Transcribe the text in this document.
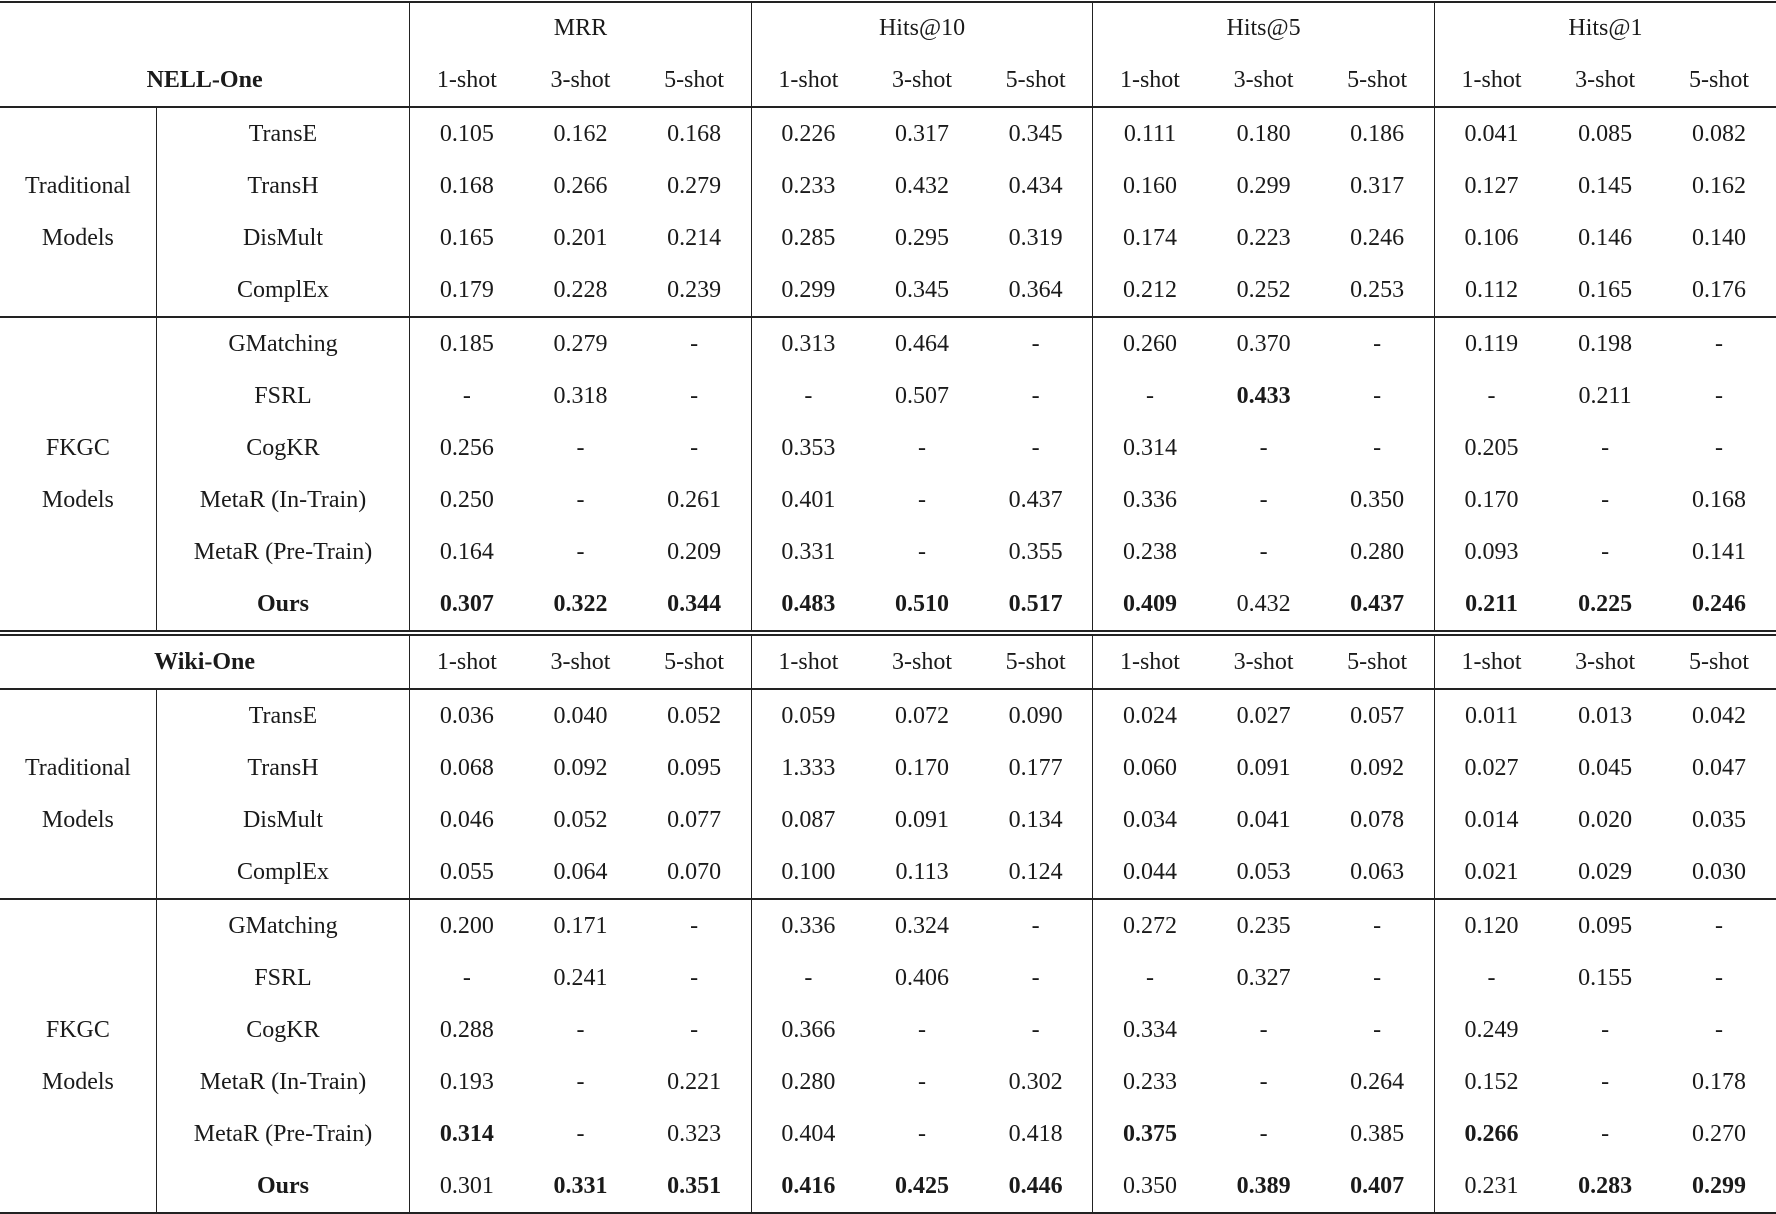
		MRR			Hits@10			Hits@5			Hits@1		
NELL-One		1-shot	3-shot	5-shot	1-shot	3-shot	5-shot	1-shot	3-shot	5-shot	1-shot	3-shot	5-shot

Traditional
Models	TransE	0.105	0.162	0.168	0.226	0.317	0.345	0.111	0.180	0.186	0.041	0.085	0.082
	TransH	0.168	0.266	0.279	0.233	0.432	0.434	0.160	0.299	0.317	0.127	0.145	0.162
	DisMult	0.165	0.201	0.214	0.285	0.295	0.319	0.174	0.223	0.246	0.106	0.146	0.140
	ComplEx	0.179	0.228	0.239	0.299	0.345	0.364	0.212	0.252	0.253	0.112	0.165	0.176

FKGC
Models	GMatching	0.185	0.279	-	0.313	0.464	-	0.260	0.370	-	0.119	0.198	-
	FSRL	-	0.318	-	-	0.507	-	-	0.433	-	-	0.211	-
	CogKR	0.256	-	-	0.353	-	-	0.314	-	-	0.205	-	-
	MetaR (In-Train)	0.250	-	0.261	0.401	-	0.437	0.336	-	0.350	0.170	-	0.168
	MetaR (Pre-Train)	0.164	-	0.209	0.331	-	0.355	0.238	-	0.280	0.093	-	0.141
	Ours	0.307	0.322	0.344	0.483	0.510	0.517	0.409	0.432	0.437	0.211	0.225	0.246
Wiki-One		1-shot	3-shot	5-shot	1-shot	3-shot	5-shot	1-shot	3-shot	5-shot	1-shot	3-shot	5-shot

Traditional
Models	TransE	0.036	0.040	0.052	0.059	0.072	0.090	0.024	0.027	0.057	0.011	0.013	0.042
	TransH	0.068	0.092	0.095	1.333	0.170	0.177	0.060	0.091	0.092	0.027	0.045	0.047
	DisMult	0.046	0.052	0.077	0.087	0.091	0.134	0.034	0.041	0.078	0.014	0.020	0.035
	ComplEx	0.055	0.064	0.070	0.100	0.113	0.124	0.044	0.053	0.063	0.021	0.029	0.030

FKGC
Models	GMatching	0.200	0.171	-	0.336	0.324	-	0.272	0.235	-	0.120	0.095	-
	FSRL	-	0.241	-	-	0.406	-	-	0.327	-	-	0.155	-
	CogKR	0.288	-	-	0.366	-	-	0.334	-	-	0.249	-	-
	MetaR (In-Train)	0.193	-	0.221	0.280	-	0.302	0.233	-	0.264	0.152	-	0.178
	MetaR (Pre-Train)	0.314	-	0.323	0.404	-	0.418	0.375	-	0.385	0.266	-	0.270
	Ours	0.301	0.331	0.351	0.416	0.425	0.446	0.350	0.389	0.407	0.231	0.283	0.299
